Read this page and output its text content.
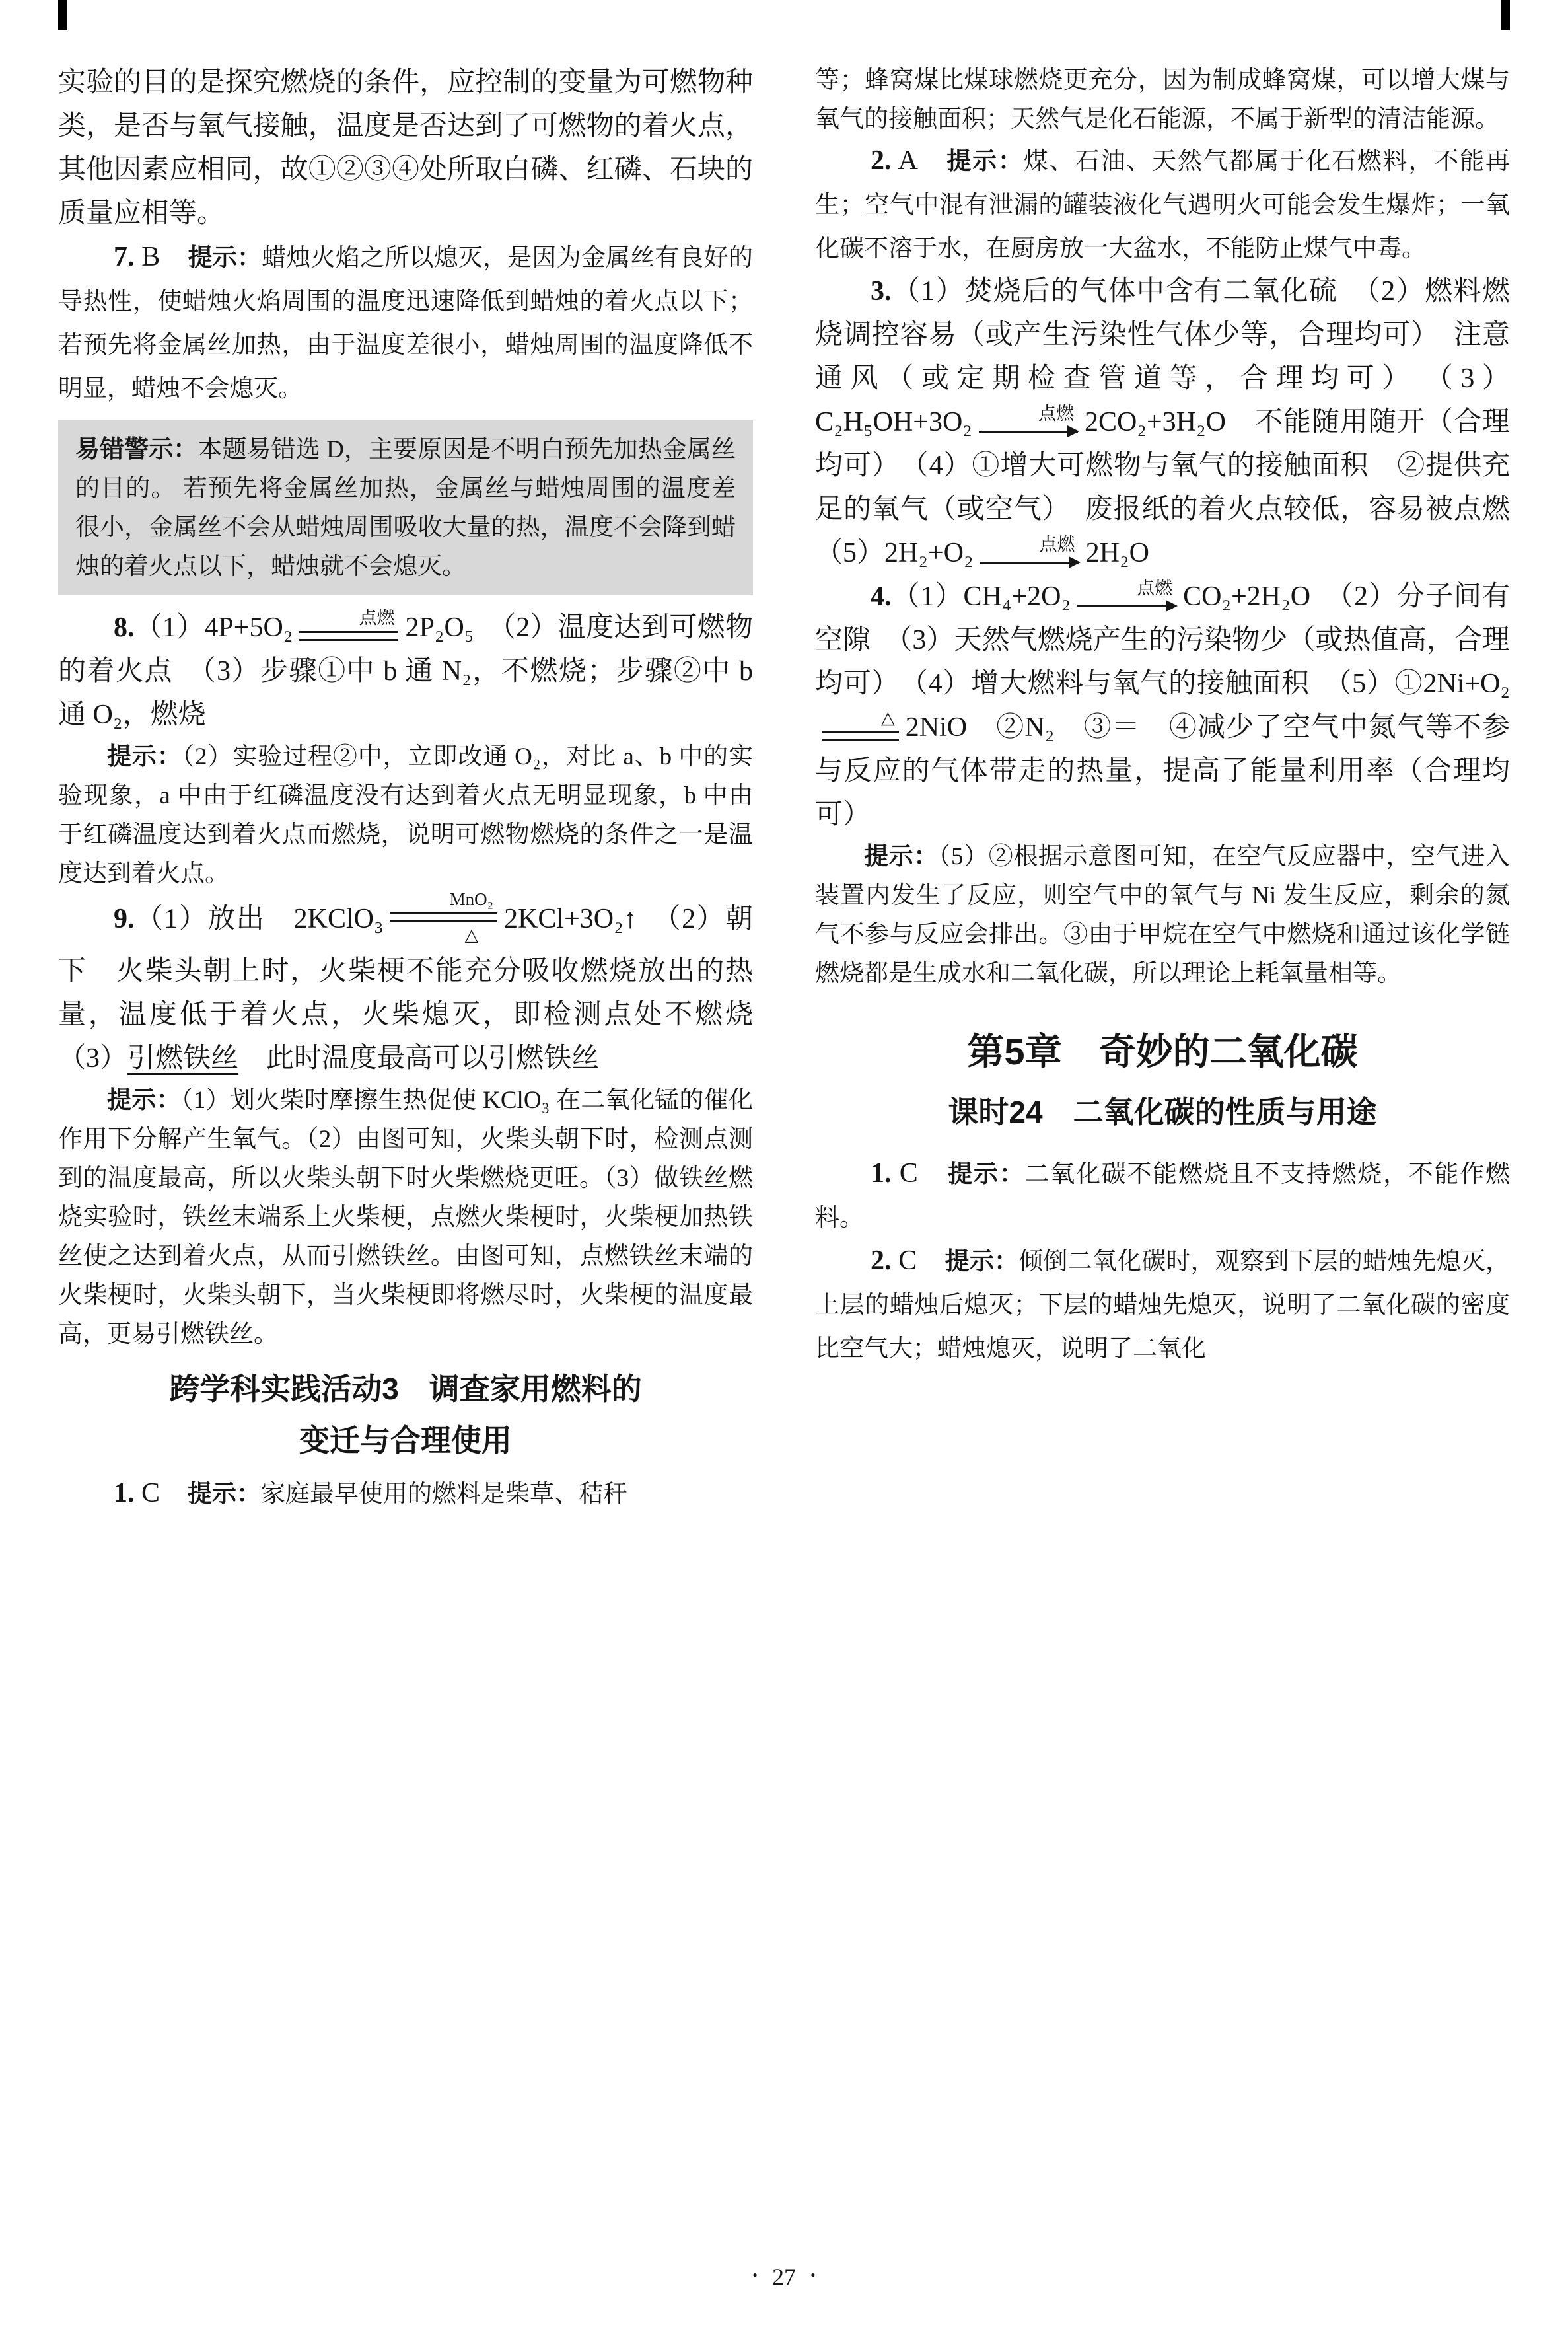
实验的目的是探究燃烧的条件，应控制的变量为可燃物种类，是否与氧气接触，温度是否达到了可燃物的着火点，其他因素应相同，故①②③④处所取白磷、红磷、石块的质量应相等。
7. B　提示：蜡烛火焰之所以熄灭，是因为金属丝有良好的导热性，使蜡烛火焰周围的温度迅速降低到蜡烛的着火点以下；若预先将金属丝加热，由于温度差很小，蜡烛周围的温度降低不明显，蜡烛不会熄灭。
易错警示：本题易错选 D，主要原因是不明白预先加热金属丝的目的。 若预先将金属丝加热，金属丝与蜡烛周围的温度差很小，金属丝不会从蜡烛周围吸收大量的热，温度不会降到蜡烛的着火点以下，蜡烛就不会熄灭。
8.（1）4P+5O₂	点燃 2P₂O₅　（2）温度达到可燃物的着火点　（3）步骤①中 b 通 N₂，不燃烧；步骤②中 b 通 O₂，燃烧
提示：（2）实验过程②中，立即改通 O₂，对比 a、b 中的实验现象，a 中由于红磷温度没有达到着火点无明显现象，b 中由于红磷温度达到着火点而燃烧，说明可燃物燃烧的条件之一是温度达到着火点。
9.（1）放出　2KClO₃
MnO₂
△
2KCl+3O₂↑　（2）朝下　火柴头朝上时，火柴梗不能充分吸收燃烧放出的热量，温度低于着火点，火柴熄灭，即检测点处不燃烧　（3）引燃铁丝　此时温度最高可以引燃铁丝
提示：（1）划火柴时摩擦生热促使 KClO₃ 在二氧化锰的催化作用下分解产生氧气。（2）由图可知，火柴头朝下时，检测点测到的温度最高，所以火柴头朝下时火柴燃烧更旺。（3）做铁丝燃烧实验时，铁丝末端系上火柴梗，点燃火柴梗时，火柴梗加热铁丝使之达到着火点，从而引燃铁丝。由图可知，点燃铁丝末端的火柴梗时，火柴头朝下，当火柴梗即将燃尽时，火柴梗的温度最高，更易引燃铁丝。
跨学科实践活动3　调查家用燃料的
变迁与合理使用
1. C　提示：家庭最早使用的燃料是柴草、秸秆
等；蜂窝煤比煤球燃烧更充分，因为制成蜂窝煤，可以增大煤与氧气的接触面积；天然气是化石能源，不属于新型的清洁能源。
2. A　提示：煤、石油、天然气都属于化石燃料，不能再生；空气中混有泄漏的罐装液化气遇明火可能会发生爆炸；一氧化碳不溶于水，在厨房放一大盆水，不能防止煤气中毒。
3.（1）焚烧后的气体中含有二氧化硫　（2）燃料燃烧调控容易（或产生污染性气体少等，合理均可）　注意通风（或定期检查管道等，合理均可）　（3）C₂H₅OH+3O₂	点燃 2CO₂+3H₂O　不能随用随开（合理均可）　（4）①增大可燃物与氧气的接触面积　②提供充足的氧气（或空气）　废报纸的着火点较低，容易被点燃　（5）2H₂+O₂	点燃 2H₂O
4.（1）CH₄+2O₂	点燃 CO₂+2H₂O　（2）分子间有空隙　（3）天然气燃烧产生的污染物少（或热值高，合理均可）　（4）增大燃料与氧气的接触面积　（5）①2Ni+O₂
△ 2NiO　②N₂　③＝　④减少了空气中氮气等不参与反应的气体带走的热量，提高了能量利用率（合理均可）
提示：（5）②根据示意图可知，在空气反应器中，空气进入装置内发生了反应，则空气中的氧气与 Ni 发生反应，剩余的氮气不参与反应会排出。③由于甲烷在空气中燃烧和通过该化学链燃烧都是生成水和二氧化碳，所以理论上耗氧量相等。
第5章　奇妙的二氧化碳
课时24　二氧化碳的性质与用途
1. C　提示：二氧化碳不能燃烧且不支持燃烧，不能作燃料。
2. C　提示：倾倒二氧化碳时，观察到下层的蜡烛先熄灭，上层的蜡烛后熄灭；下层的蜡烛先熄灭，说明了二氧化碳的密度比空气大；蜡烛熄灭，说明了二氧化
• 27 •
